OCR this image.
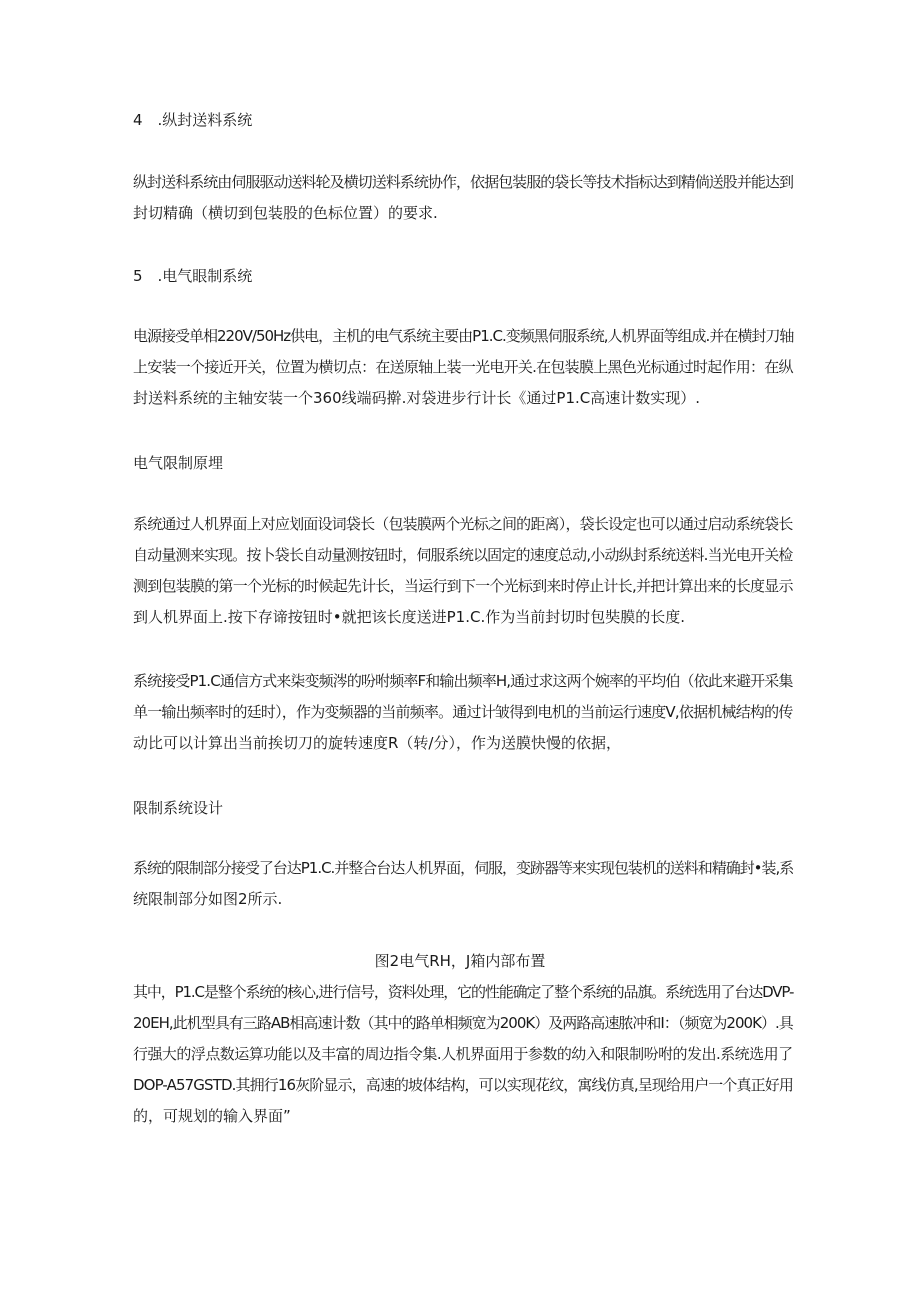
4　.纵封送料系统

纵封送科系统由伺服驱动送料轮及横切送料系统协作，依据包装服的袋长等技术指标达到精倘送股并能达到
封切精确（横切到包装股的色标位置）的要求.

5　.电气眼制系统

电源接受单相220V/50Hz供电，主机的电气系统主要由P1.C.变频黑伺服系统,人机界面等组成.并在横封刀轴
上安装一个接近开关，位置为横切点：在送原轴上装一光电开关.在包装膜上黑色光标通过时起作用：在纵
封送料系统的主轴安装一个360线端码擀.对袋进步行计长《通过P1.C高速计数实现）.

电气限制原埋

系统通过人机界面上对应划面设词袋长（包装膜两个光标之间的距离），袋长设定也可以通过启动系统袋长
自动量测来实现。按卜袋长自动量测按钮时，伺服系统以固定的速度总动,小动纵封系统送料.当光电开关检
测到包装膜的第一个光标的时候起先计长，当运行到下一个光标到来时停止计长,并把计算出来的长度显示
到人机界面上.按下存谛按钮时•就把该长度送进P1.C.作为当前封切时包奘膜的长度.

系统接受P1.C通信方式来柒变频涔的吩咐频率F和输出频率H,通过求这两个婉率的平均伯（依此来避开采集
单一输出频率时的廷时），作为变频器的当前频率。通过计皱得到电机的当前运行速度V,依据机械结构的传
动比可以计算出当前挨切刀的旋转速度R（转/分），作为送膜快慢的依据，

限制系统设计

系统的限制部分接受了台达P1.C.并整合台达人机界面，伺服，变跡器等来实现包装机的送料和精确封•装,系
统限制部分如图2所示.

图2电气RH，J箱内部布置

其中，P1.C是整个系统的核心,进行信号，资料处理，它的性能确定了整个系统的品旗。系统选用了台达DVP-
20EH,此机型具有三路AB相高速计数（其中的路单相频宽为200K）及两路高速脓冲和I：（频宽为200K）.具
行强大的浮点数运算功能以及丰富的周边指令集.人机界面用于参数的幼入和限制吩咐的发出.系统选用了
DOP-A57GSTD.其拥行16灰阶显示，高速的坡体结构，可以实现花纹，寓线仿真,呈现给用户一个真正好用
的，可规划的输入界面”
